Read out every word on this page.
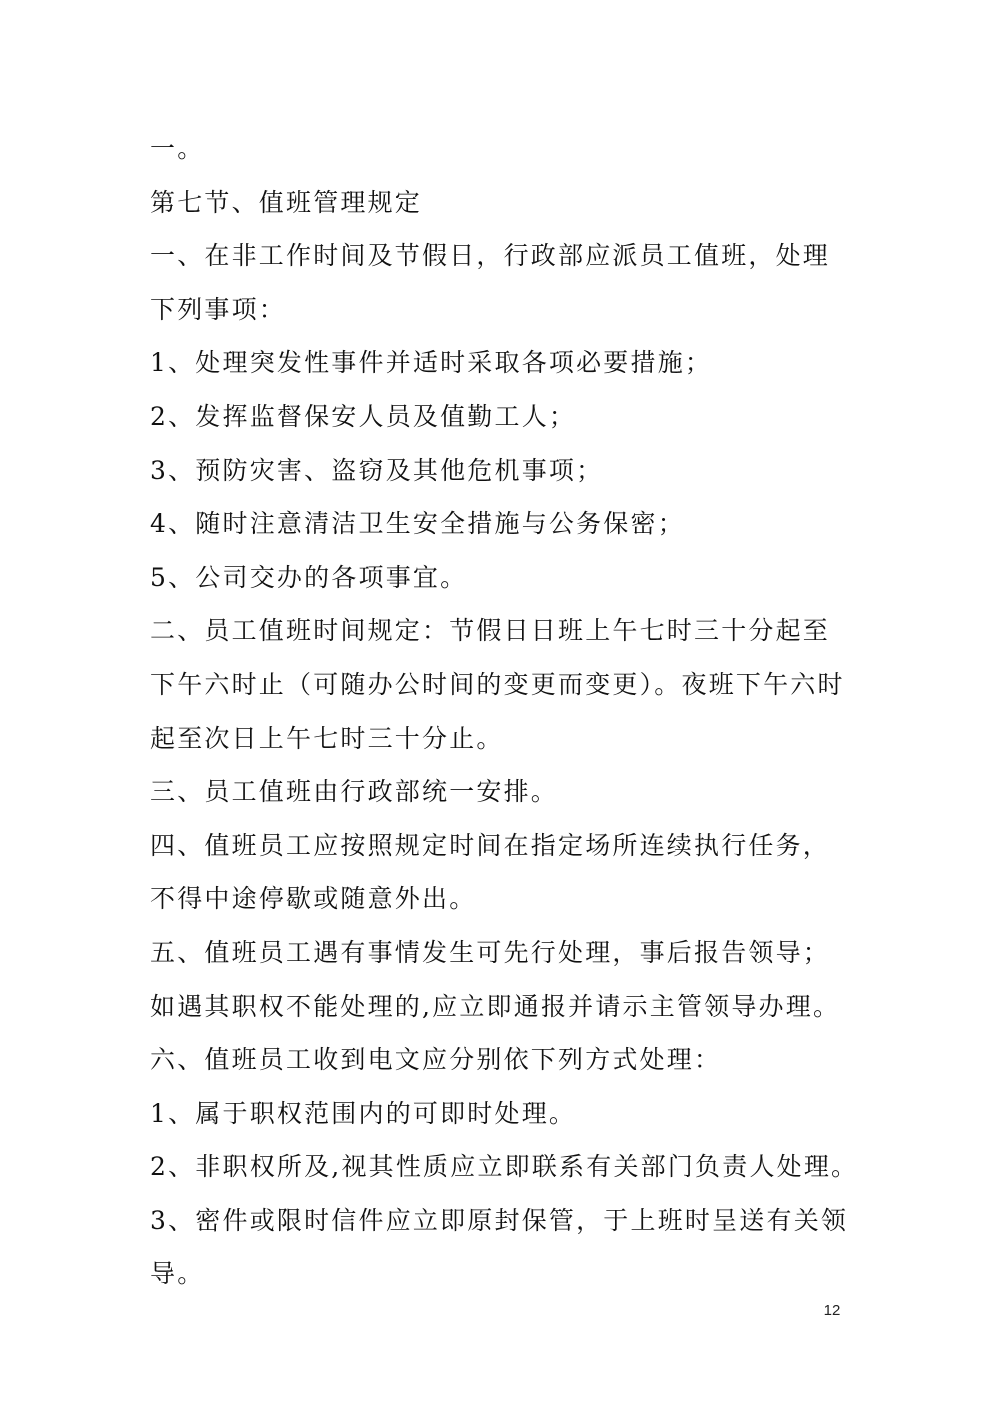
一。

第七节、值班管理规定

一、在非工作时间及节假日，行政部应派员工值班，处理

下列事项：

1、处理突发性事件并适时采取各项必要措施；

2、发挥监督保安人员及值勤工人；

3、预防灾害、盗窃及其他危机事项；

4、随时注意清洁卫生安全措施与公务保密；

5、公司交办的各项事宜。

二、员工值班时间规定：节假日日班上午七时三十分起至

下午六时止（可随办公时间的变更而变更）。夜班下午六时

起至次日上午七时三十分止。

三、员工值班由行政部统一安排。

四、值班员工应按照规定时间在指定场所连续执行任务，

不得中途停歇或随意外出。

五、值班员工遇有事情发生可先行处理，事后报告领导；

如遇其职权不能处理的,应立即通报并请示主管领导办理。

六、值班员工收到电文应分别依下列方式处理：

1、属于职权范围内的可即时处理。

2、非职权所及,视其性质应立即联系有关部门负责人处理。

3、密件或限时信件应立即原封保管，于上班时呈送有关领

导。

12
